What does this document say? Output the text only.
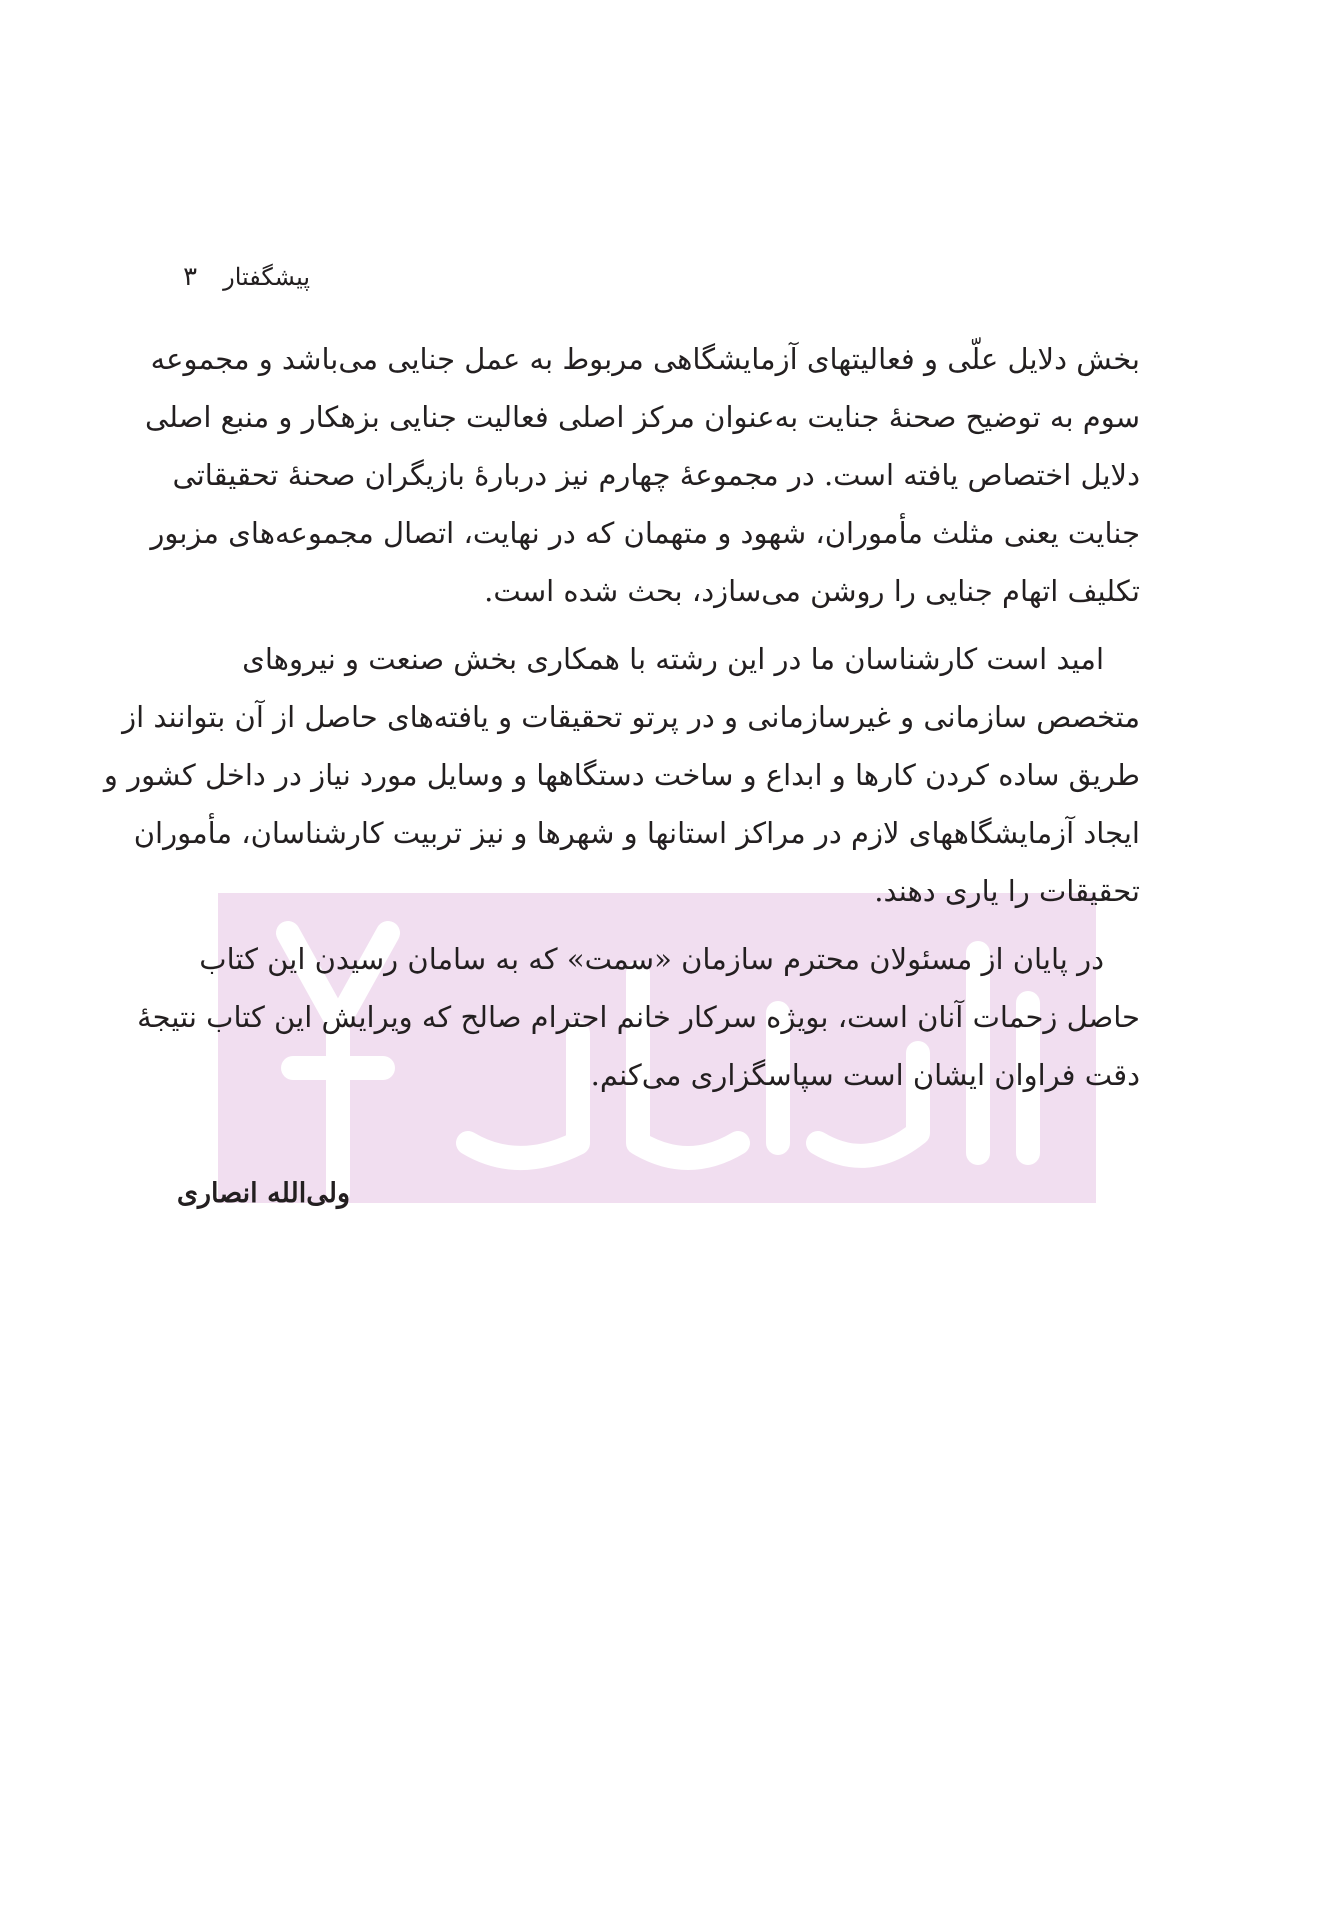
پیشگفتار
۳
بخش دلایل علّی و فعالیتهای آزمایشگاهی مربوط به عمل جنایی می‌باشد و مجموعه
سوم به توضیح صحنهٔ جنایت به‌عنوان مرکز اصلی فعالیت جنایی بزهکار و منبع اصلی
دلایل اختصاص یافته است. در مجموعهٔ چهارم نیز دربارهٔ بازیگران صحنهٔ تحقیقاتی
جنایت یعنی مثلث مأموران، شهود و متهمان که در نهایت، اتصال مجموعه‌های مزبور
تکلیف اتهام جنایی را روشن می‌سازد، بحث شده است.
امید است کارشناسان ما در این رشته با همکاری بخش صنعت و نیروهای
متخصص سازمانی و غیرسازمانی و در پرتو تحقیقات و یافته‌های حاصل از آن بتوانند از
طریق ساده کردن کارها و ابداع و ساخت دستگاهها و وسایل مورد نیاز در داخل کشور و
ایجاد آزمایشگاههای لازم در مراکز استانها و شهرها و نیز تربیت کارشناسان، مأموران
تحقیقات را یاری دهند.
در پایان از مسئولان محترم سازمان «سمت» که به سامان رسیدن این کتاب
حاصل زحمات آنان است، بویژه سرکار خانم احترام صالح که ویرایش این کتاب نتیجهٔ
دقت فراوان ایشان است سپاسگزاری می‌کنم.
ولی‌الله انصاری
